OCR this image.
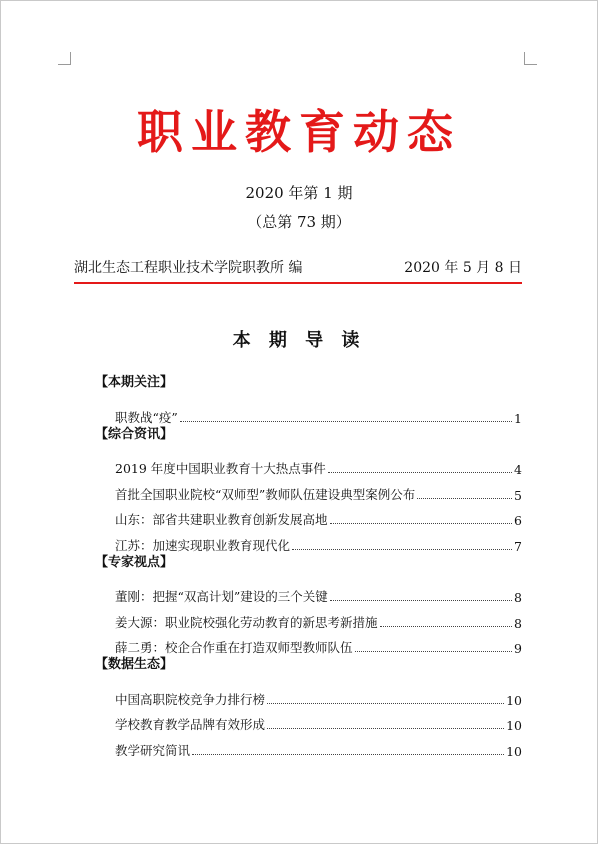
职业教育动态
2020 年第 1 期
（总第 73 期）
湖北生态工程职业技术学院职教所 编	2020 年 5 月 8 日
本 期 导 读
【本期关注】
职教战“疫”	1
【综合资讯】
2019 年度中国职业教育十大热点事件	4
首批全国职业院校“双师型”教师队伍建设典型案例公布	5
山东：部省共建职业教育创新发展高地	6
江苏：加速实现职业教育现代化	7
【专家视点】
董刚：把握“双高计划”建设的三个关键	8
姜大源：职业院校强化劳动教育的新思考新措施	8
薛二勇：校企合作重在打造双师型教师队伍	9
【数据生态】
中国高职院校竞争力排行榜	10
学校教育教学品牌有效形成	10
教学研究简讯	10
